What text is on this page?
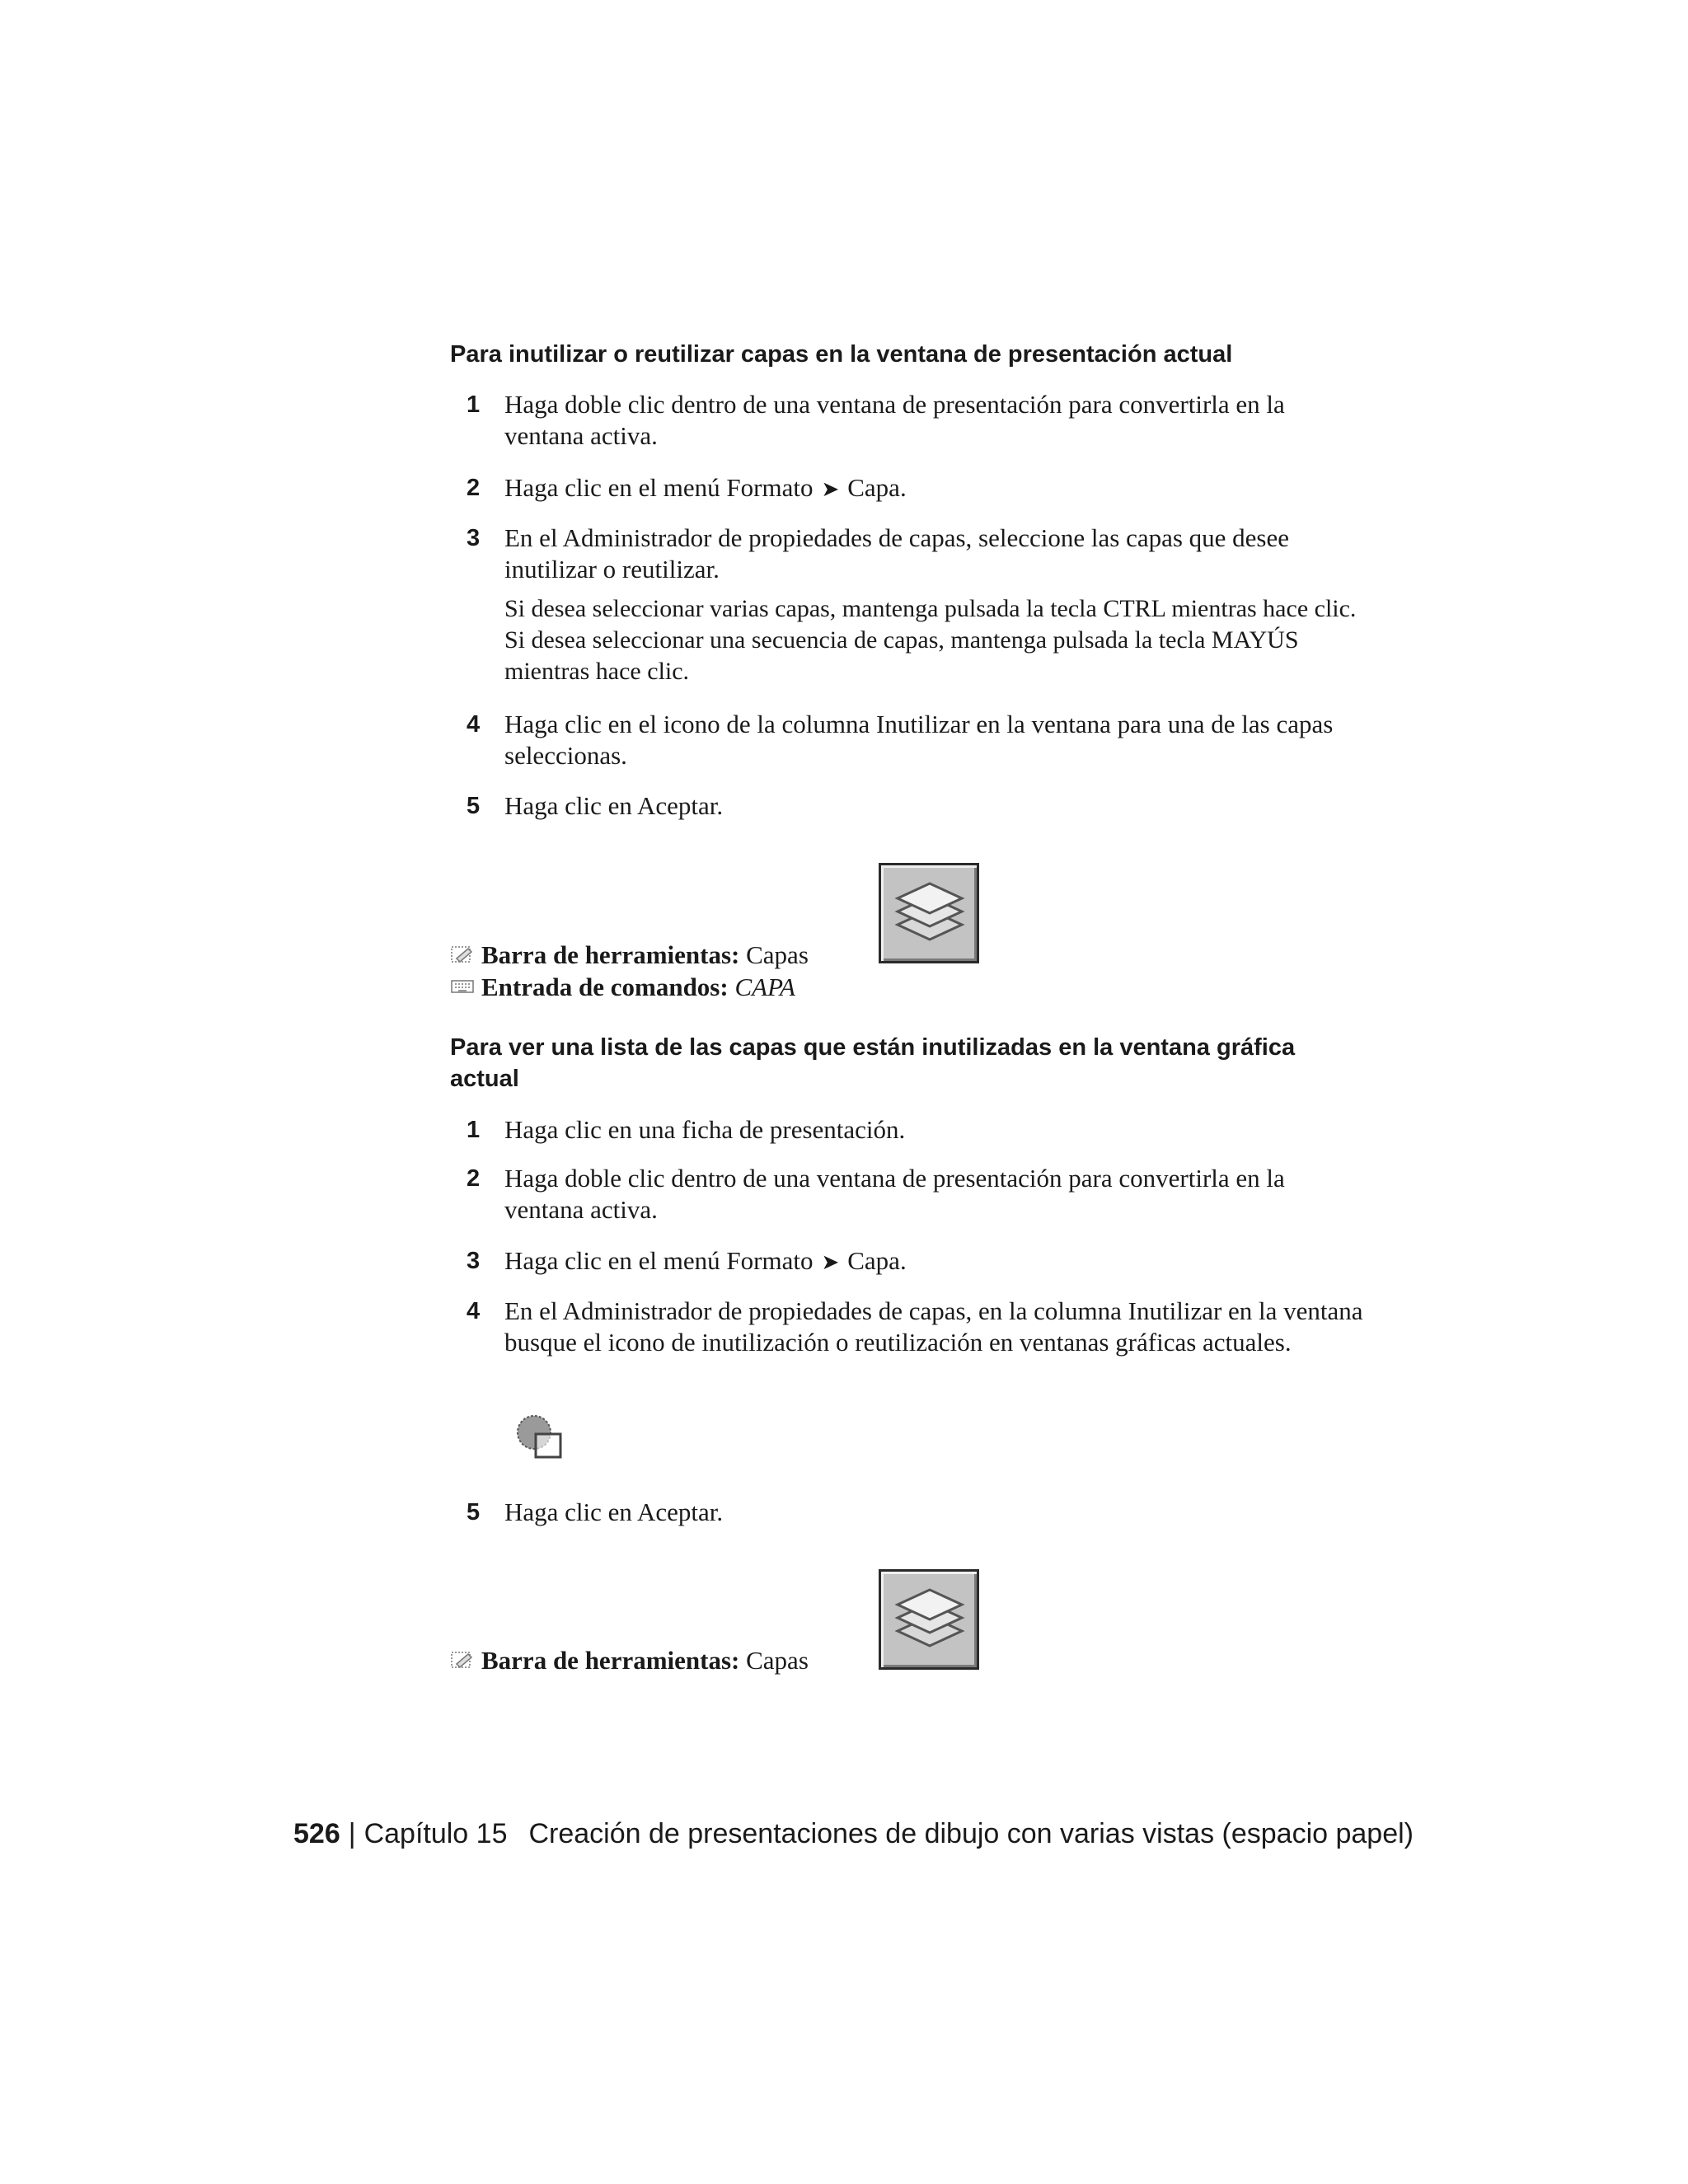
Para inutilizar o reutilizar capas en la ventana de presentación actual
1 Haga doble clic dentro de una ventana de presentación para convertirla en la ventana activa.
2 Haga clic en el menú Formato ➤ Capa.
3 En el Administrador de propiedades de capas, seleccione las capas que desee inutilizar o reutilizar.

Si desea seleccionar varias capas, mantenga pulsada la tecla CTRL mientras hace clic. Si desea seleccionar una secuencia de capas, mantenga pulsada la tecla MAYÚS mientras hace clic.

4 Haga clic en el icono de la columna Inutilizar en la ventana para una de las capas seleccionas.
5 Haga clic en Aceptar.
Barra de herramientas: Capas
Entrada de comandos: CAPA
Para ver una lista de las capas que están inutilizadas en la ventana gráfica actual
1 Haga clic en una ficha de presentación.
2 Haga doble clic dentro de una ventana de presentación para convertirla en la ventana activa.
3 Haga clic en el menú Formato ➤ Capa.
4 En el Administrador de propiedades de capas, en la columna Inutilizar en la ventana busque el icono de inutilización o reutilización en ventanas gráficas actuales.
5 Haga clic en Aceptar.
Barra de herramientas: Capas
526 | Capítulo 15 Creación de presentaciones de dibujo con varias vistas (espacio papel)
